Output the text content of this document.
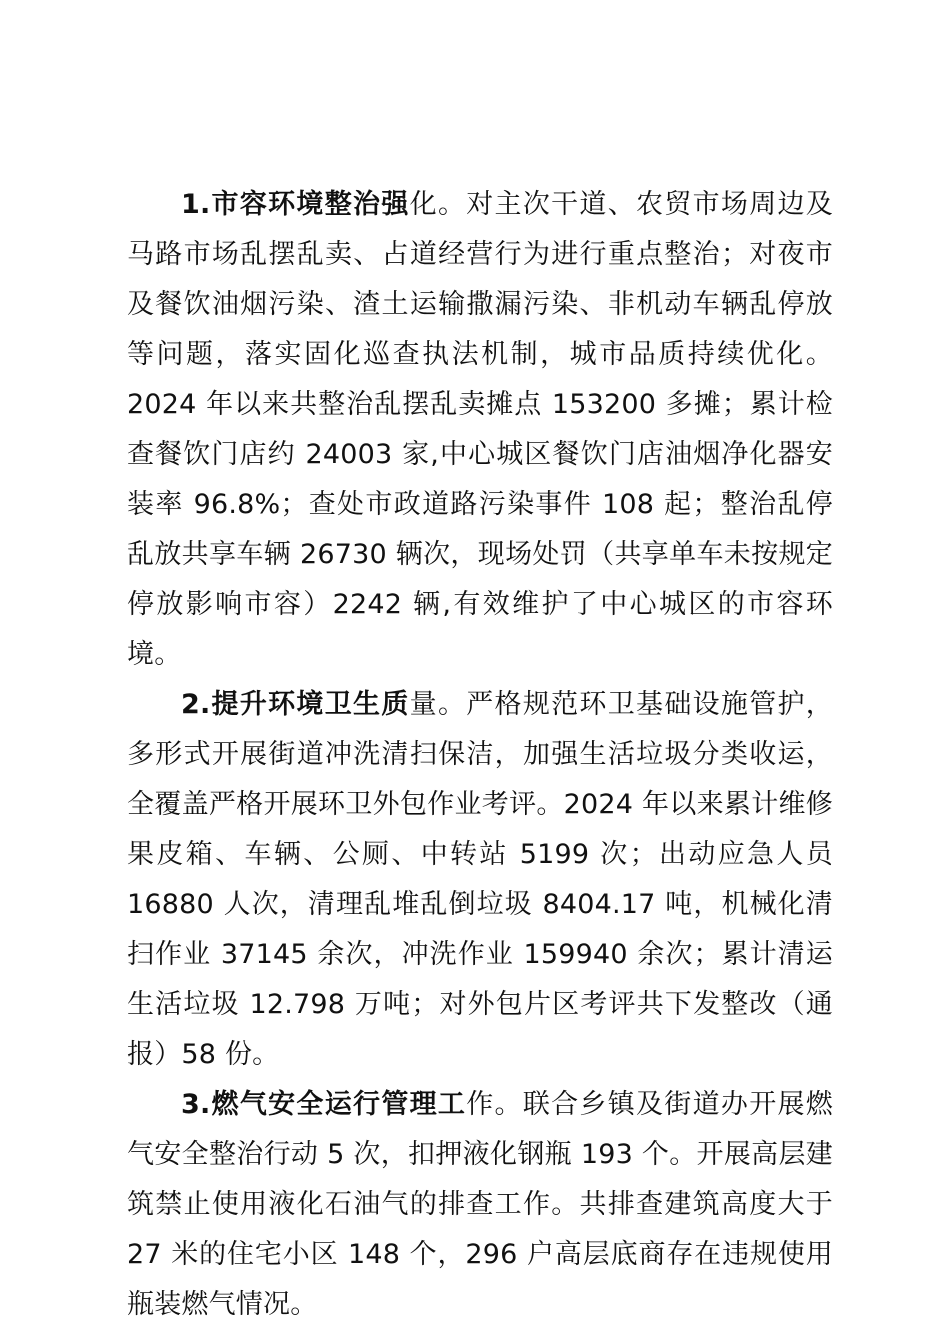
1.市容环境整治强化。对主次干道、农贸市场周边及马路市场乱摆乱卖、占道经营行为进行重点整治；对夜市及餐饮油烟污染、渣土运输撒漏污染、非机动车辆乱停放等问题，落实固化巡查执法机制，城市品质持续优化。2024 年以来共整治乱摆乱卖摊点 153200 多摊；累计检查餐饮门店约 24003 家,中心城区餐饮门店油烟净化器安装率 96.8%；查处市政道路污染事件 108 起；整治乱停乱放共享车辆 26730 辆次，现场处罚（共享单车未按规定停放影响市容）2242 辆,有效维护了中心城区的市容环境。

2.提升环境卫生质量。严格规范环卫基础设施管护，多形式开展街道冲洗清扫保洁，加强生活垃圾分类收运，全覆盖严格开展环卫外包作业考评。2024 年以来累计维修果皮箱、车辆、公厕、中转站 5199 次；出动应急人员 16880 人次，清理乱堆乱倒垃圾 8404.17 吨，机械化清扫作业 37145 余次，冲洗作业 159940 余次；累计清运生活垃圾 12.798 万吨；对外包片区考评共下发整改（通报）58 份。

3.燃气安全运行管理工作。联合乡镇及街道办开展燃气安全整治行动 5 次，扣押液化钢瓶 193 个。开展高层建筑禁止使用液化石油气的排查工作。共排查建筑高度大于 27 米的住宅小区 148 个，296 户高层底商存在违规使用瓶装燃气情况。
